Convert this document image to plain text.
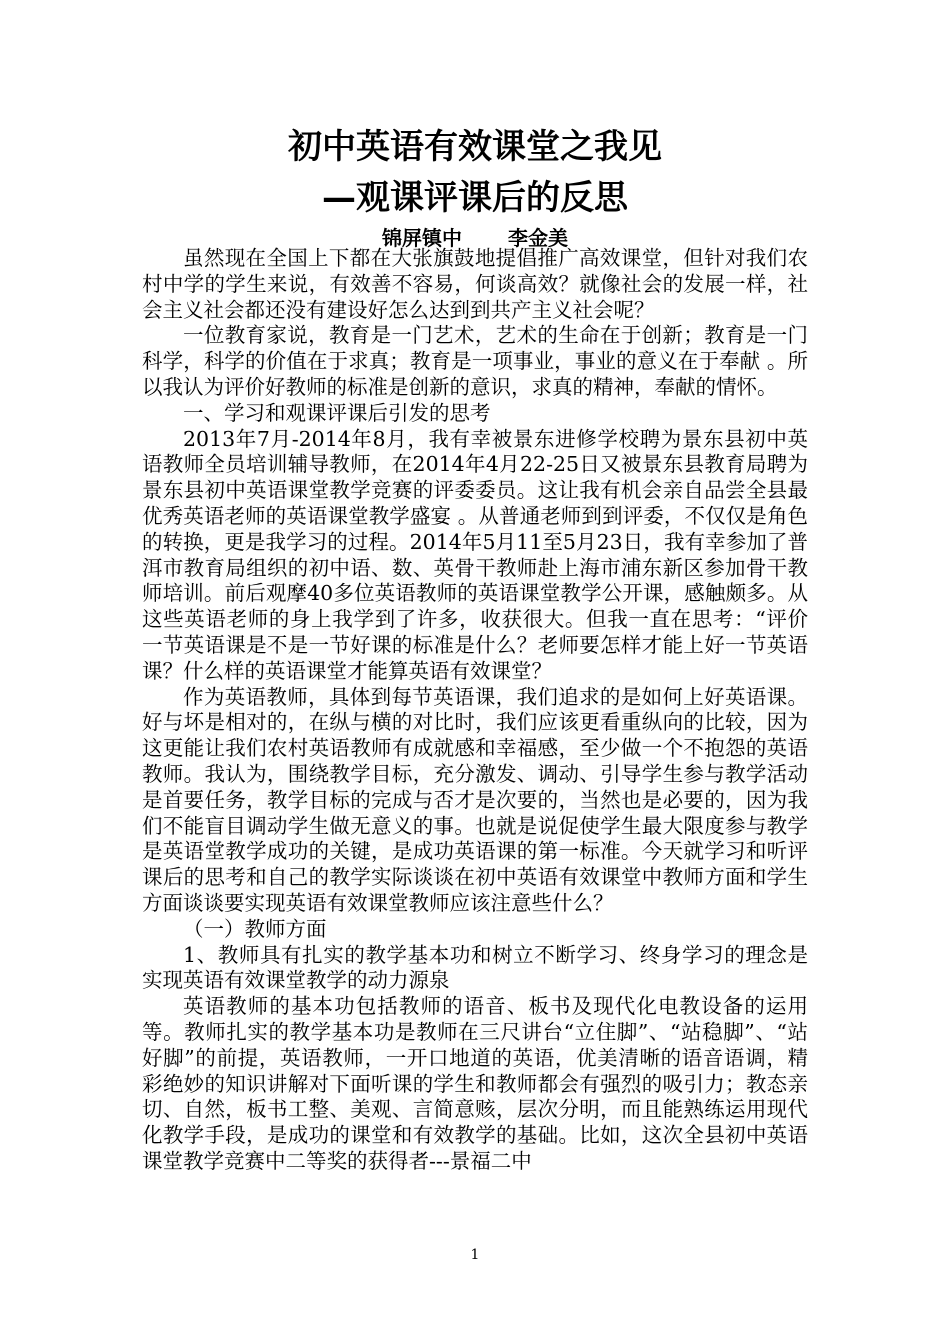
初中英语有效课堂之我见
—观课评课后的反思
锦屏镇中 李金美

虽然现在全国上下都在大张旗鼓地提倡推广高效课堂，但针对我们农村中学的学生来说，有效善不容易，何谈高效？就像社会的发展一样，社会主义社会都还没有建设好怎么达到到共产主义社会呢？

一位教育家说，教育是一门艺术，艺术的生命在于创新；教育是一门科学，科学的价值在于求真；教育是一项事业，事业的意义在于奉献 。所以我认为评价好教师的标准是创新的意识，求真的精神，奉献的情怀。

一、学习和观课评课后引发的思考

2013年7月-2014年8月，我有幸被景东进修学校聘为景东县初中英语教师全员培训辅导教师，在2014年4月22-25日又被景东县教育局聘为景东县初中英语课堂教学竞赛的评委委员。这让我有机会亲自品尝全县最优秀英语老师的英语课堂教学盛宴 。从普通老师到到评委，不仅仅是角色的转换，更是我学习的过程。2014年5月11至5月23日，我有幸参加了普洱市教育局组织的初中语、数、英骨干教师赴上海市浦东新区参加骨干教师培训。前后观摩40多位英语教师的英语课堂教学公开课，感触颇多。从这些英语老师的身上我学到了许多，收获很大。但我一直在思考：“评价一节英语课是不是一节好课的标准是什么？老师要怎样才能上好一节英语课？什么样的英语课堂才能算英语有效课堂？

作为英语教师，具体到每节英语课，我们追求的是如何上好英语课。好与坏是相对的，在纵与横的对比时，我们应该更看重纵向的比较，因为这更能让我们农村英语教师有成就感和幸福感，至少做一个不抱怨的英语教师。我认为，围绕教学目标，充分激发、调动、引导学生参与教学活动是首要任务，教学目标的完成与否才是次要的，当然也是必要的，因为我们不能盲目调动学生做无意义的事。也就是说促使学生最大限度参与教学是英语堂教学成功的关键，是成功英语课的第一标准。今天就学习和听评课后的思考和自己的教学实际谈谈在初中英语有效课堂中教师方面和学生方面谈谈要实现英语有效课堂教师应该注意些什么？

（一）教师方面

1、教师具有扎实的教学基本功和树立不断学习、终身学习的理念是实现英语有效课堂教学的动力源泉

英语教师的基本功包括教师的语音、板书及现代化电教设备的运用等。教师扎实的教学基本功是教师在三尺讲台“立住脚”、“站稳脚”、“站好脚”的前提，英语教师，一开口地道的英语，优美清晰的语音语调，精彩绝妙的知识讲解对下面听课的学生和教师都会有强烈的吸引力；教态亲切、自然，板书工整、美观、言简意赅，层次分明，而且能熟练运用现代化教学手段，是成功的课堂和有效教学的基础。比如，这次全县初中英语课堂教学竞赛中二等奖的获得者---景福二中

1
